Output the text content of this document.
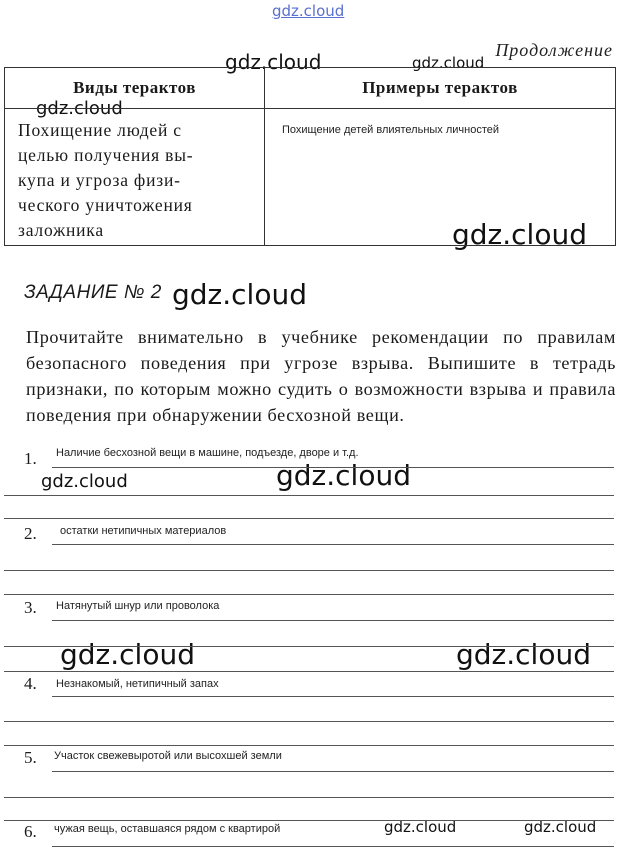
gdz.cloud
gdz.cloud	gdz.cloud
gdz.cloud
gdz.cloud
gdz.cloud
gdz.cloud
gdz.cloud
gdz.cloud	gdz.cloud
gdz.cloud	gdz.cloud
Продолжение
Виды терактов	Примеры терактов

Похищение людей с
целью получения вы-
купа и угроза физи-
ческого уничтожения
заложника	Похищение детей влиятельных личностей
ЗАДАНИЕ № 2
Прочитайте внимательно в учебнике рекомендации по правилам безопасного поведения при угрозе взрыва. Выпишите в тетрадь признаки, по которым можно судить о возможности взрыва и правила поведения при обнаружении бесхозной вещи.
1.
2.
3.
4.
5.
6.
Наличие бесхозной вещи в машине, подъезде, дворе и т.д.
остатки нетипичных материалов
Натянутый шнур или проволока
Незнакомый, нетипичный запах
Участок свежевыротой или высохшей земли
чужая вещь, оставшаяся рядом с квартирой
